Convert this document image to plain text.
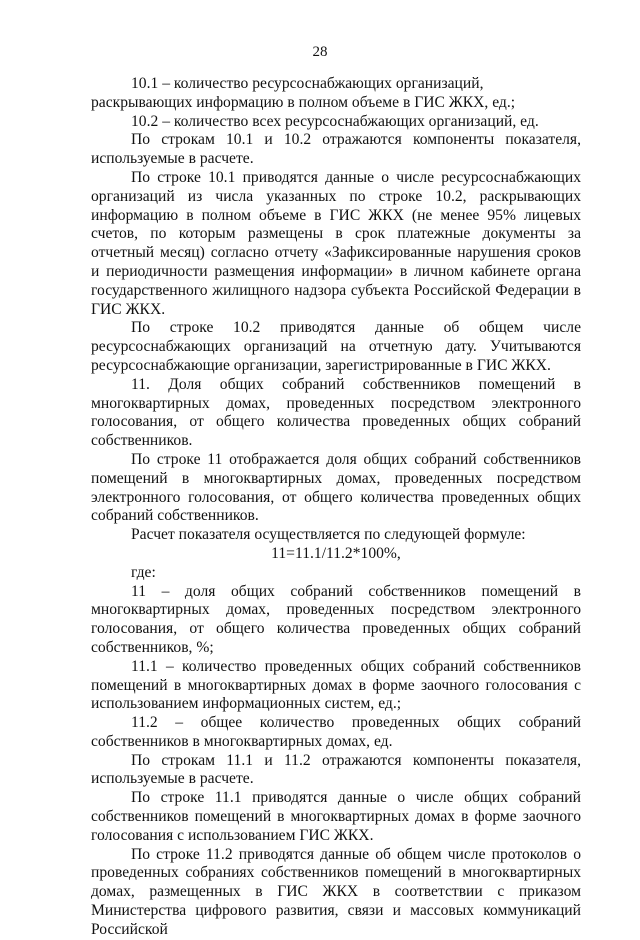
28

10.1 – количество ресурсоснабжающих организаций, раскрывающих информацию в полном объеме в ГИС ЖКХ, ед.;

10.2 – количество всех ресурсоснабжающих организаций, ед.

По строкам 10.1 и 10.2 отражаются компоненты показателя, используемые в расчете.

По строке 10.1 приводятся данные о числе ресурсоснабжающих организаций из числа указанных по строке 10.2, раскрывающих информацию в полном объеме в ГИС ЖКХ (не менее 95% лицевых счетов, по которым размещены в срок платежные документы за отчетный месяц) согласно отчету «Зафиксированные нарушения сроков и периодичности размещения информации» в личном кабинете органа государственного жилищного надзора субъекта Российской Федерации в ГИС ЖКХ.

По строке 10.2 приводятся данные об общем числе ресурсоснабжающих организаций на отчетную дату. Учитываются ресурсоснабжающие организации, зарегистрированные в ГИС ЖКХ.

11. Доля общих собраний собственников помещений в многоквартирных домах, проведенных посредством электронного голосования, от общего количества проведенных общих собраний собственников.

По строке 11 отображается доля общих собраний собственников помещений в многоквартирных домах, проведенных посредством электронного голосования, от общего количества проведенных общих собраний собственников.

Расчет показателя осуществляется по следующей формуле:

11=11.1/11.2*100%,

где:

11 – доля общих собраний собственников помещений в многоквартирных домах, проведенных посредством электронного голосования, от общего количества проведенных общих собраний собственников, %;

11.1 – количество проведенных общих собраний собственников помещений в многоквартирных домах в форме заочного голосования с использованием информационных систем, ед.;

11.2 – общее количество проведенных общих собраний собственников в многоквартирных домах, ед.

По строкам 11.1 и 11.2 отражаются компоненты показателя, используемые в расчете.

По строке 11.1 приводятся данные о числе общих собраний собственников помещений в многоквартирных домах в форме заочного голосования с использованием ГИС ЖКХ.

По строке 11.2 приводятся данные об общем числе протоколов о проведенных собраниях собственников помещений в многоквартирных домах, размещенных в ГИС ЖКХ в соответствии с приказом Министерства цифрового развития, связи и массовых коммуникаций Российской
